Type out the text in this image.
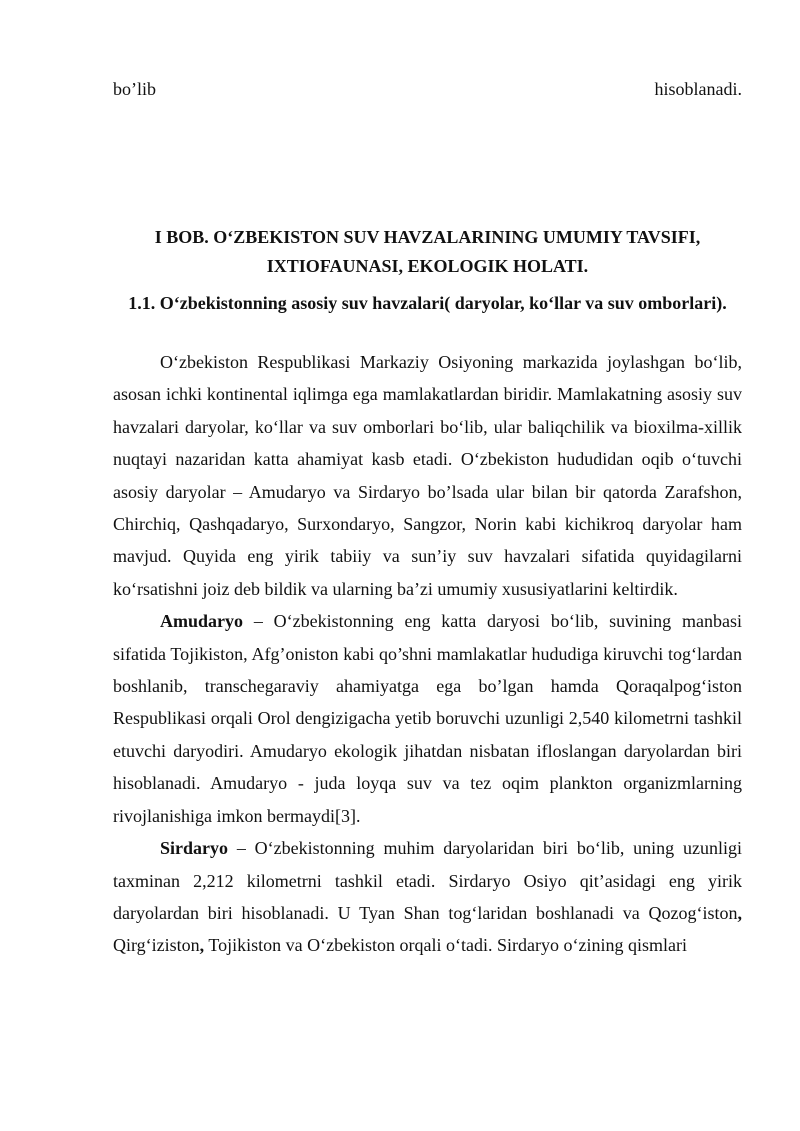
bo’lib	hisoblanadi.
I BOB. O‘ZBEKISTON SUV HAVZALARINING UMUMIY TAVSIFI, IXTIOFAUNASI, EKOLOGIK HOLATI.
1.1. O‘zbekistonning asosiy suv havzalari( daryolar, ko‘llar va suv omborlari).

O‘zbekiston Respublikasi Markaziy Osiyoning markazida joylashgan bo‘lib, asosan ichki kontinental iqlimga ega mamlakatlardan biridir. Mamlakatning asosiy suv havzalari daryolar, ko‘llar va suv omborlari bo‘lib, ular baliqchilik va bioxilma-xillik nuqtayi nazaridan katta ahamiyat kasb etadi. O‘zbekiston hududidan oqib o‘tuvchi asosiy daryolar – Amudaryo va Sirdaryo bo’lsada ular bilan bir qatorda Zarafshon, Chirchiq, Qashqadaryo, Surxondaryo, Sangzor, Norin kabi kichikroq daryolar ham mavjud. Quyida eng yirik tabiiy va sun’iy suv havzalari sifatida quyidagilarni ko‘rsatishni joiz deb bildik va ularning ba’zi umumiy xususiyatlarini keltirdik.

Amudaryo – O‘zbekistonning eng katta daryosi bo‘lib, suvining manbasi sifatida Tojikiston, Afg’oniston kabi qo’shni mamlakatlar hududiga kiruvchi tog‘lardan boshlanib, transchegaraviy ahamiyatga ega bo’lgan hamda Qoraqalpog‘iston Respublikasi orqali Orol dengizigacha yetib boruvchi uzunligi 2,540 kilometrni tashkil etuvchi daryodiri. Amudaryo ekologik jihatdan nisbatan ifloslangan daryolardan biri hisoblanadi. Amudaryo - juda loyqa suv va tez oqim plankton organizmlarning rivojlanishiga imkon bermaydi[3].

Sirdaryo – O‘zbekistonning muhim daryolaridan biri bo‘lib, uning uzunligi taxminan 2,212 kilometrni tashkil etadi. Sirdaryo Osiyo qit’asidagi eng yirik daryolardan biri hisoblanadi. U Tyan Shan tog‘laridan boshlanadi va Qozog‘iston, Qirg‘iziston, Tojikiston va O‘zbekiston orqali o‘tadi. Sirdaryo o‘zining qismlari
